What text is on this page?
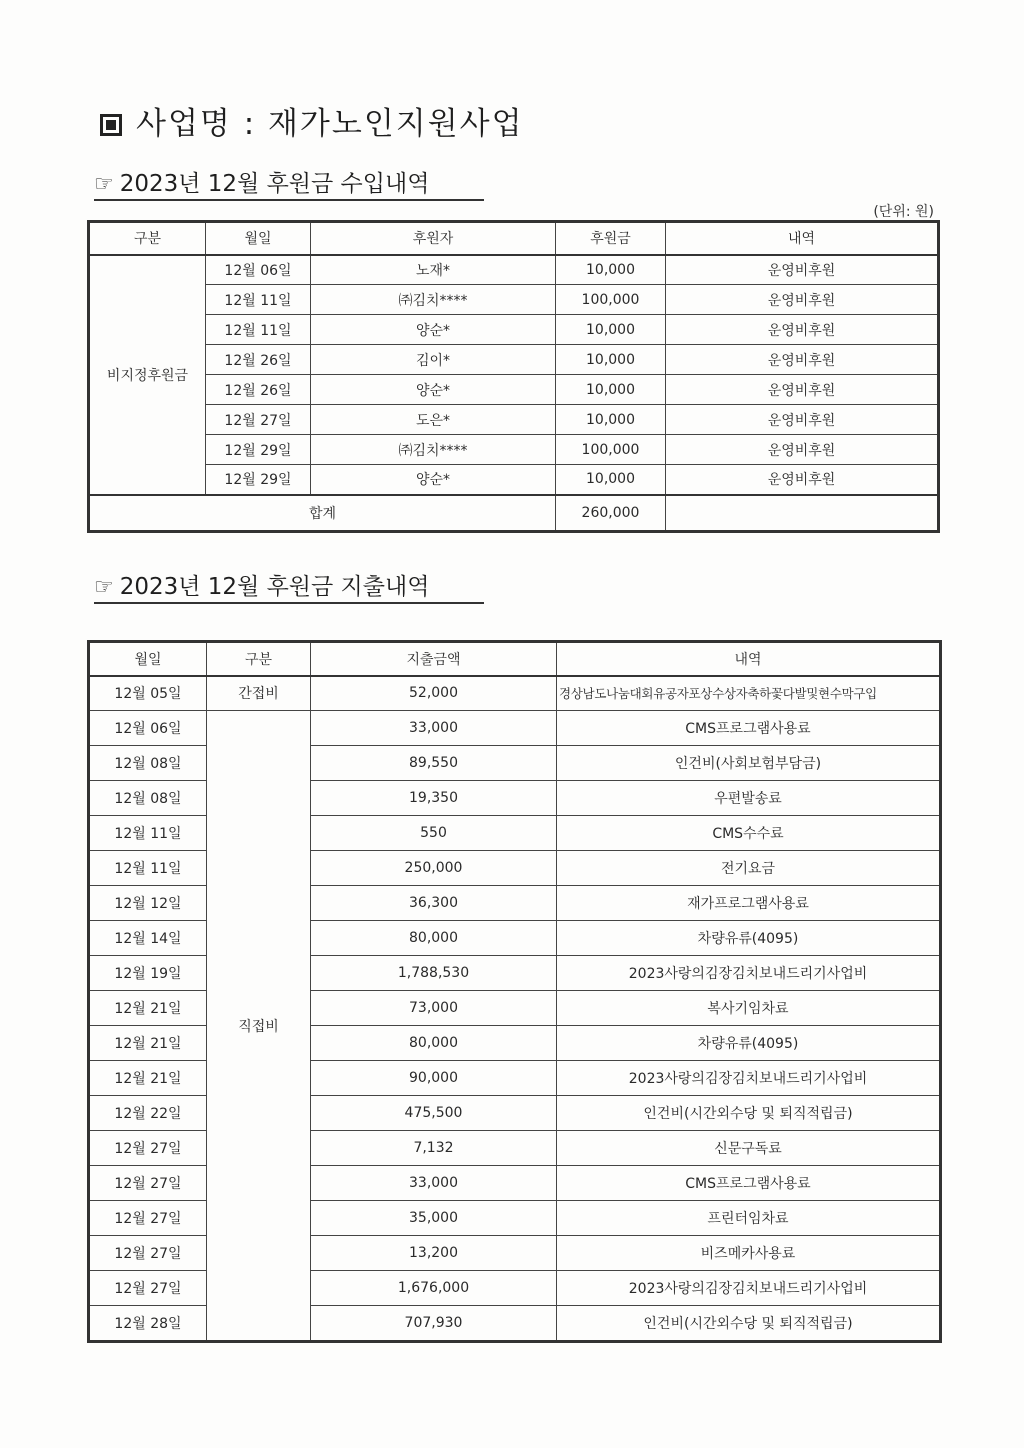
사업명 : 재가노인지원사업
☞ 2023년 12월 후원금 수입내역
(단위: 원)
구분	월일	후원자	후원금	내역
비지정후원금	12월 06일	노재*	10,000	운영비후원
	12월 11일	㈜김치****	100,000	운영비후원
	12월 11일	양순*	10,000	운영비후원
	12월 26일	김이*	10,000	운영비후원
	12월 26일	양순*	10,000	운영비후원
	12월 27일	도은*	10,000	운영비후원
	12월 29일	㈜김치****	100,000	운영비후원
	12월 29일	양순*	10,000	운영비후원
합계			260,000	
☞ 2023년 12월 후원금 지출내역
월일	구분	지출금액	내역
12월 05일	간접비	52,000	경상남도나눔대회유공자포상수상자축하꽃다발및현수막구입
12월 06일	직접비	33,000	CMS프로그램사용료
12월 08일		89,550	인건비(사회보험부담금)
12월 08일		19,350	우편발송료
12월 11일		550	CMS수수료
12월 11일		250,000	전기요금
12월 12일		36,300	재가프로그램사용료
12월 14일		80,000	차량유류(4095)
12월 19일		1,788,530	2023사랑의김장김치보내드리기사업비
12월 21일		73,000	복사기임차료
12월 21일		80,000	차량유류(4095)
12월 21일		90,000	2023사랑의김장김치보내드리기사업비
12월 22일		475,500	인건비(시간외수당 및 퇴직적립금)
12월 27일		7,132	신문구독료
12월 27일		33,000	CMS프로그램사용료
12월 27일		35,000	프린터임차료
12월 27일		13,200	비즈메카사용료
12월 27일		1,676,000	2023사랑의김장김치보내드리기사업비
12월 28일		707,930	인건비(시간외수당 및 퇴직적립금)
